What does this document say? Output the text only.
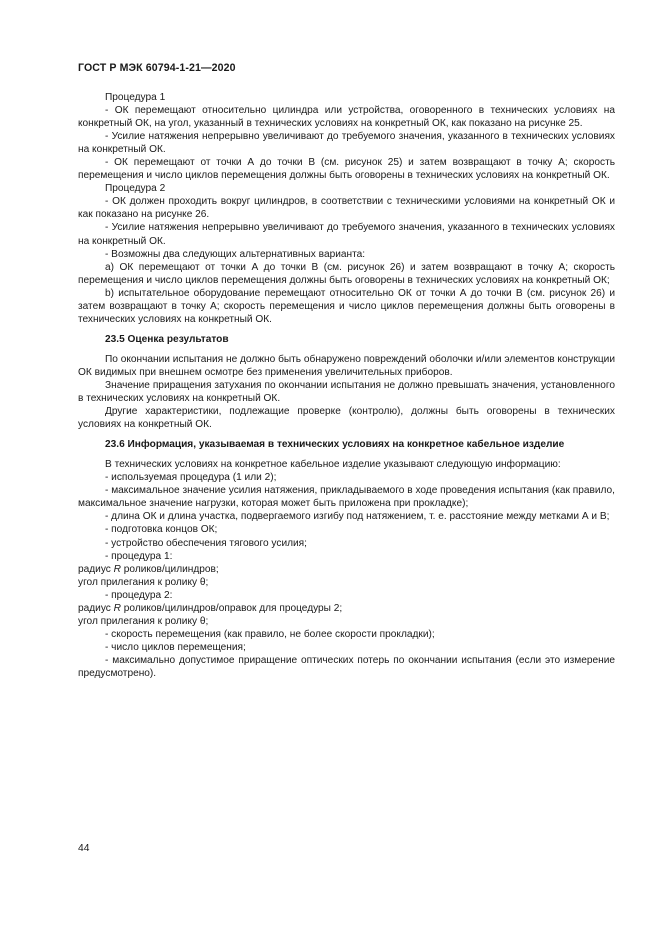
ГОСТ Р МЭК 60794-1-21—2020

Процедура 1

- ОК перемещают относительно цилиндра или устройства, оговоренного в технических условиях на конкретный ОК, на угол, указанный в технических условиях на конкретный ОК, как показано на рисунке 25.

- Усилие натяжения непрерывно увеличивают до требуемого значения, указанного в технических условиях на конкретный ОК.

- ОК перемещают от точки А до точки В (см. рисунок 25) и затем возвращают в точку А; скорость перемещения и число циклов перемещения должны быть оговорены в технических условиях на конкретный ОК.

Процедура 2

- ОК должен проходить вокруг цилиндров, в соответствии с техническими условиями на конкретный ОК и как показано на рисунке 26.

- Усилие натяжения непрерывно увеличивают до требуемого значения, указанного в технических условиях на конкретный ОК.

- Возможны два следующих альтернативных варианта:

а) ОК перемещают от точки А до точки В (см. рисунок 26) и затем возвращают в точку А; скорость перемещения и число циклов перемещения должны быть оговорены в технических условиях на конкретный ОК;

b) испытательное оборудование перемещают относительно ОК от точки А до точки В (см. рисунок 26) и затем возвращают в точку А; скорость перемещения и число циклов перемещения должны быть оговорены в технических условиях на конкретный ОК.

23.5 Оценка результатов

По окончании испытания не должно быть обнаружено повреждений оболочки и/или элементов конструкции ОК видимых при внешнем осмотре без применения увеличительных приборов.

Значение приращения затухания по окончании испытания не должно превышать значения, установленного в технических условиях на конкретный ОК.

Другие характеристики, подлежащие проверке (контролю), должны быть оговорены в технических условиях на конкретный ОК.

23.6 Информация, указываемая в технических условиях на конкретное кабельное изделие

В технических условиях на конкретное кабельное изделие указывают следующую информацию:

- используемая процедура (1 или 2);

- максимальное значение усилия натяжения, прикладываемого в ходе проведения испытания (как правило, максимальное значение нагрузки, которая может быть приложена при прокладке);

- длина ОК и длина участка, подвергаемого изгибу под натяжением, т. е. расстояние между метками А и В;

- подготовка концов ОК;

- устройство обеспечения тягового усилия;

- процедура 1:

радиус R роликов/цилиндров;

угол прилегания к ролику θ;

- процедура 2:

радиус R роликов/цилиндров/оправок для процедуры 2;

угол прилегания к ролику θ;

- скорость перемещения (как правило, не более скорости прокладки);

- число циклов перемещения;

- максимально допустимое приращение оптических потерь по окончании испытания (если это измерение предусмотрено).

44
